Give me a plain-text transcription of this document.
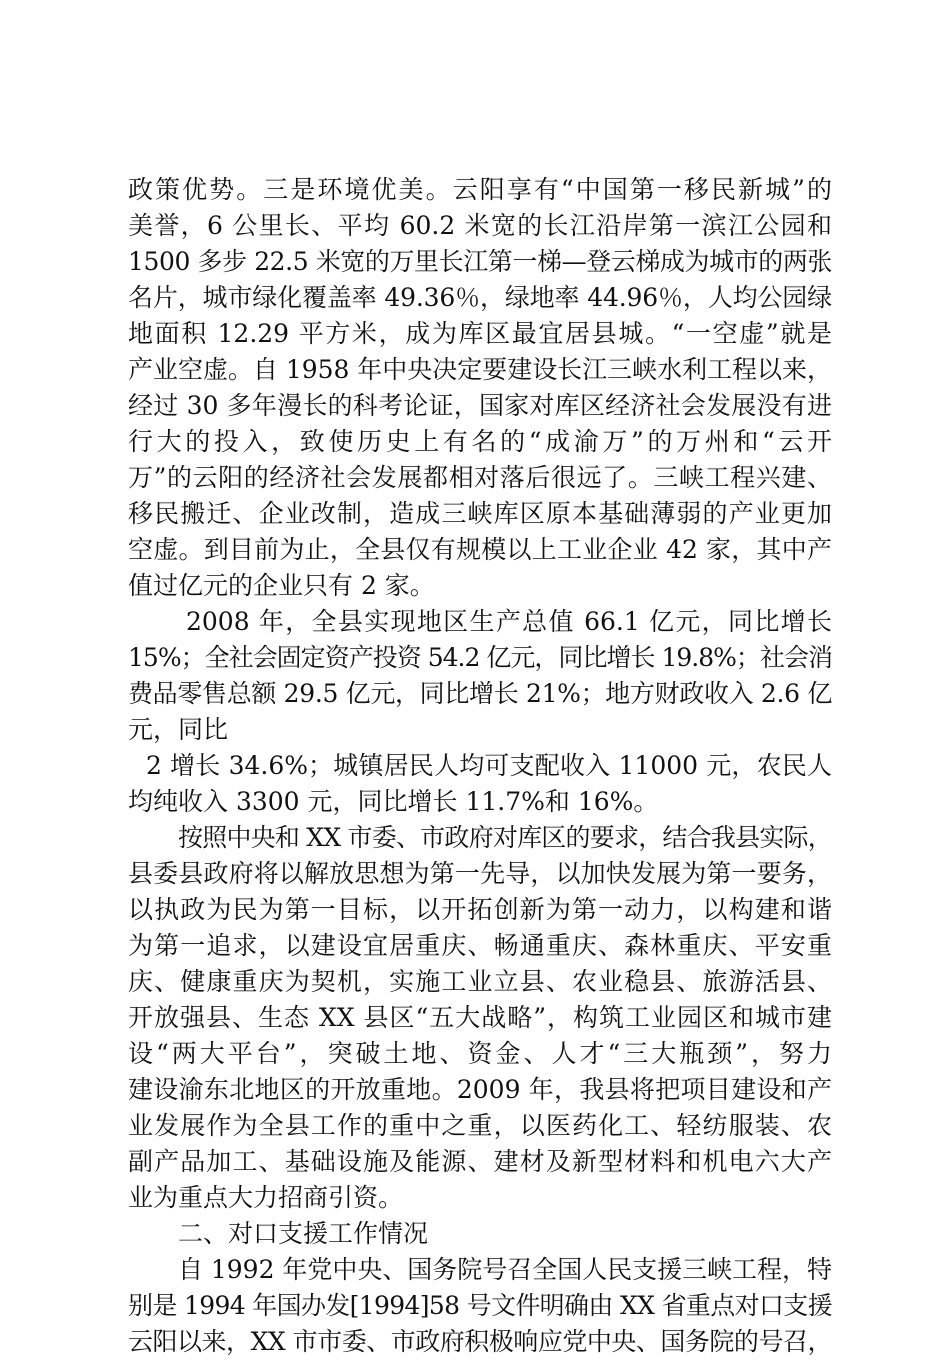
政策优势。三是环境优美。云阳享有“中国第一移民新城”的
美誉，6 公里长、平均 60.2 米宽的长江沿岸第一滨江公园和
1500 多步 22.5 米宽的万里长江第一梯—登云梯成为城市的两张
名片，城市绿化覆盖率 49.36％，绿地率 44.96％，人均公园绿
地面积 12.29 平方米，成为库区最宜居县城。“一空虚”就是
产业空虚。自 1958 年中央决定要建设长江三峡水利工程以来，
经过 30 多年漫长的科考论证，国家对库区经济社会发展没有进
行大的投入，致使历史上有名的“成渝万”的万州和“云开
万”的云阳的经济社会发展都相对落后很远了。三峡工程兴建、
移民搬迁、企业改制，造成三峡库区原本基础薄弱的产业更加
空虚。到目前为止，全县仅有规模以上工业企业 42 家，其中产
值过亿元的企业只有 2 家。
2008 年，全县实现地区生产总值 66.1 亿元，同比增长
15%；全社会固定资产投资 54.2 亿元，同比增长 19.8%；社会消
费品零售总额 29.5 亿元，同比增长 21%；地方财政收入 2.6 亿
元，同比
2 增长 34.6%；城镇居民人均可支配收入 11000 元，农民人
均纯收入 3300 元，同比增长 11.7%和 16%。
按照中央和 XX 市委、市政府对库区的要求，结合我县实际，
县委县政府将以解放思想为第一先导，以加快发展为第一要务，
以执政为民为第一目标，以开拓创新为第一动力，以构建和谐
为第一追求，以建设宜居重庆、畅通重庆、森林重庆、平安重
庆、健康重庆为契机，实施工业立县、农业稳县、旅游活县、
开放强县、生态 XX 县区“五大战略”，构筑工业园区和城市建
设“两大平台”，突破土地、资金、人才“三大瓶颈”，努力
建设渝东北地区的开放重地。2009 年，我县将把项目建设和产
业发展作为全县工作的重中之重，以医药化工、轻纺服装、农
副产品加工、基础设施及能源、建材及新型材料和机电六大产
业为重点大力招商引资。
二、对口支援工作情况
自 1992 年党中央、国务院号召全国人民支援三峡工程，特
别是 1994 年国办发[1994]58 号文件明确由 XX 省重点对口支援
云阳以来，XX 市市委、市政府积极响应党中央、国务院的号召，
